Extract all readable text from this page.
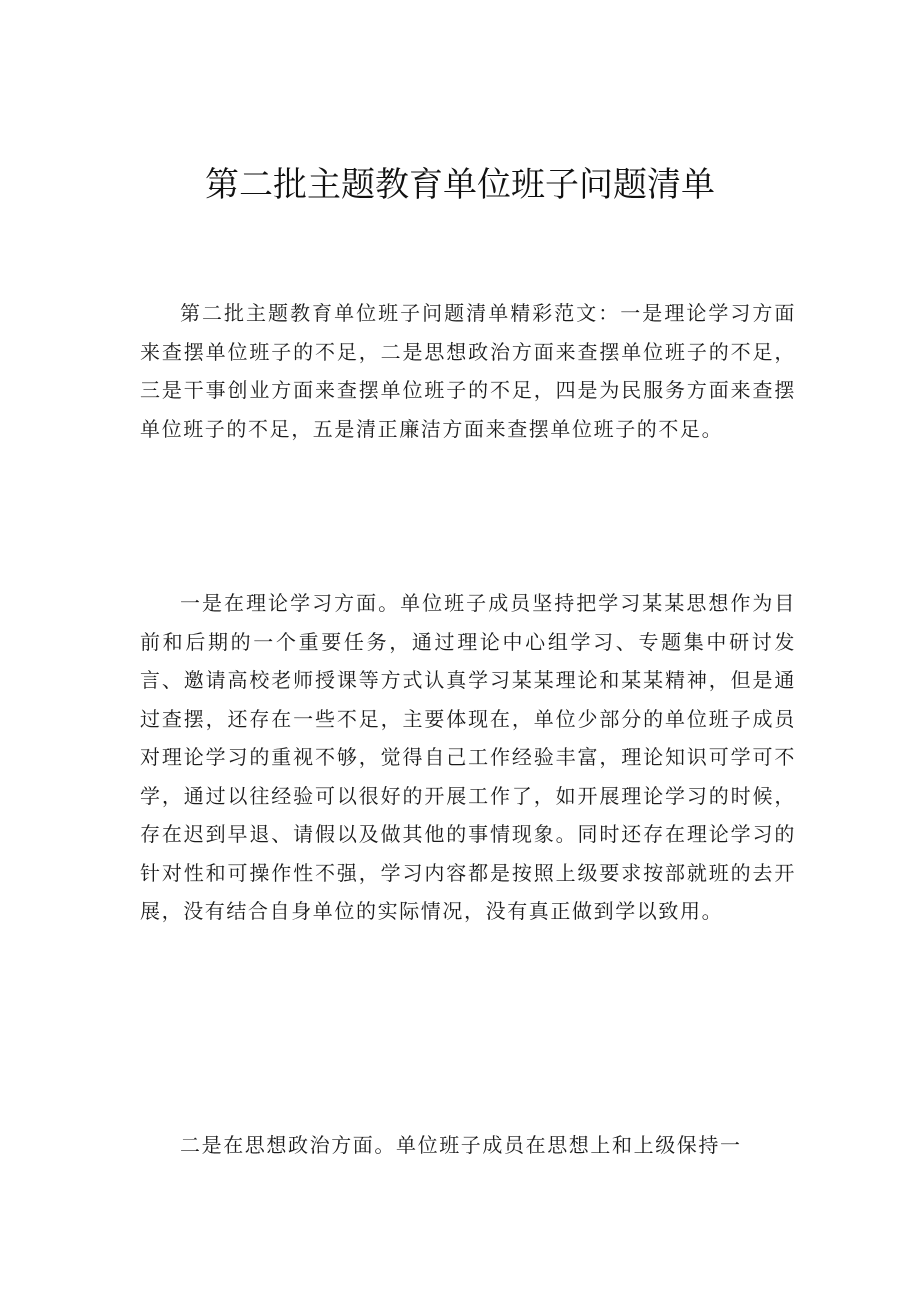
第二批主题教育单位班子问题清单

第二批主题教育单位班子问题清单精彩范文：一是理论学习方面来查摆单位班子的不足，二是思想政治方面来查摆单位班子的不足，三是干事创业方面来查摆单位班子的不足，四是为民服务方面来查摆单位班子的不足，五是清正廉洁方面来查摆单位班子的不足。

一是在理论学习方面。单位班子成员坚持把学习某某思想作为目前和后期的一个重要任务，通过理论中心组学习、专题集中研讨发言、邀请高校老师授课等方式认真学习某某理论和某某精神，但是通过查摆，还存在一些不足，主要体现在，单位少部分的单位班子成员对理论学习的重视不够，觉得自己工作经验丰富，理论知识可学可不学，通过以往经验可以很好的开展工作了，如开展理论学习的时候，存在迟到早退、请假以及做其他的事情现象。同时还存在理论学习的针对性和可操作性不强，学习内容都是按照上级要求按部就班的去开展，没有结合自身单位的实际情况，没有真正做到学以致用。

二是在思想政治方面。单位班子成员在思想上和上级保持一
